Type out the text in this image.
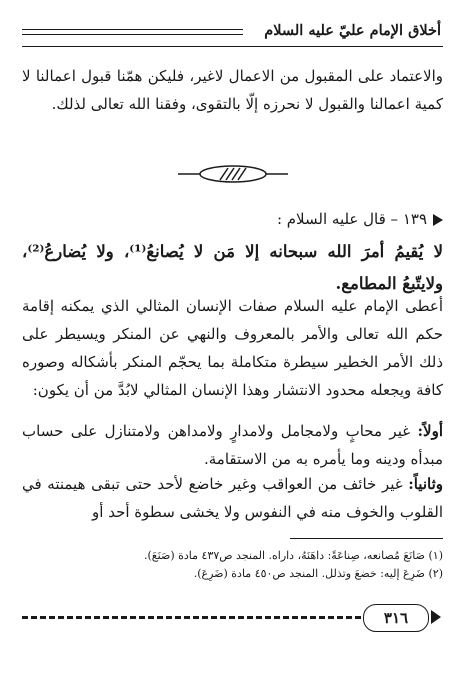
أخلاق الإمام عليّ عليه السلام
والاعتماد على المقبول من الاعمال لاغير، فليكن همّنا قبول اعمالنا لا كمية اعمالنا والقبول لا نحرزه إلّا بالتقوى، وفقنا الله تعالى لذلك.
١٣٩ – قال عليه السلام :
لا يُقيمُ أمرَ الله سبحانه إلا مَن لا يُصانعُ⁽¹⁾، ولا يُضارعُ⁽²⁾، ولايتّبعُ المطامع.
أعطى الإمام عليه السلام صفات الإنسان المثالي الذي يمكنه إقامة حكم الله تعالى والأمر بالمعروف والنهي عن المنكر ويسيطر على ذلك الأمر الخطير سيطرة متكاملة بما يحجّم المنكر بأشكاله وصوره كافة ويجعله محدود الانتشار وهذا الإنسان المثالي لابُدَّ من أن يكون:
أولاً: غير محابٍ ولامجامل ولامدارٍ ولامداهن ولامتنازل على حساب مبدأه ودينه وما يأمره به من الاستقامة.
وثانياً: غير خائف من العواقب وغير خاضع لأحد حتى تبقى هيمنته في القلوب والخوف منه في النفوس ولا يخشى سطوة أحد أو
(١) صَانَعَ مُصانعه، صِناعَةً: داهَنَهُ، داراه. المنجد ص٤٣٧ مادة (صَنَعَ).
(٢) ضَرِعَ إليه: خضعَ وتذلل. المنجد ص٤٥٠ مادة (ضَرِعَ).
٣١٦
